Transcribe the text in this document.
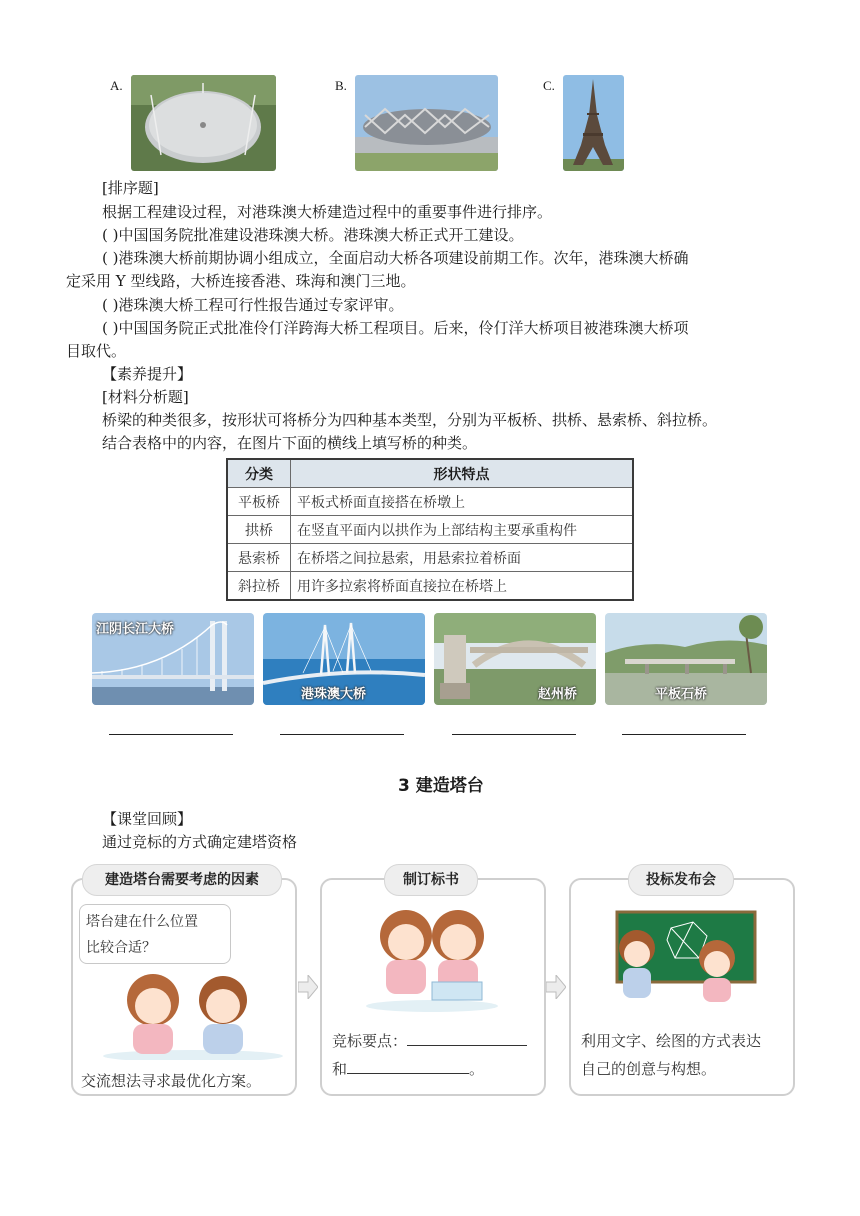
A.	B.	C.
[排序题]
根据工程建设过程，对港珠澳大桥建造过程中的重要事件进行排序。
( )中国国务院批准建设港珠澳大桥。港珠澳大桥正式开工建设。
( )港珠澳大桥前期协调小组成立，全面启动大桥各项建设前期工作。次年，港珠澳大桥确
定采用 Y 型线路，大桥连接香港、珠海和澳门三地。
( )港珠澳大桥工程可行性报告通过专家评审。
( )中国国务院正式批准伶仃洋跨海大桥工程项目。后来，伶仃洋大桥项目被港珠澳大桥项
目取代。
【素养提升】
[材料分析题]
桥梁的种类很多，按形状可将桥分为四种基本类型，分别为平板桥、拱桥、悬索桥、斜拉桥。
结合表格中的内容，在图片下面的横线上填写桥的种类。
分类	形状特点
平板桥	平板式桥面直接搭在桥墩上
拱桥	在竖直平面内以拱作为上部结构主要承重构件
悬索桥	在桥塔之间拉悬索，用悬索拉着桥面
斜拉桥	用许多拉索将桥面直接拉在桥塔上
江阴长江大桥
港珠澳大桥	赵州桥	平板石桥
3 建造塔台
【课堂回顾】
通过竞标的方式确定建塔资格
塔台建在什么位置
比较合适？
交流想法寻求最优化方案。
建造塔台需要考虑的因素
竞标要点：
和	。
制订标书
利用文字、绘图的方式表达
自己的创意与构想。
投标发布会
